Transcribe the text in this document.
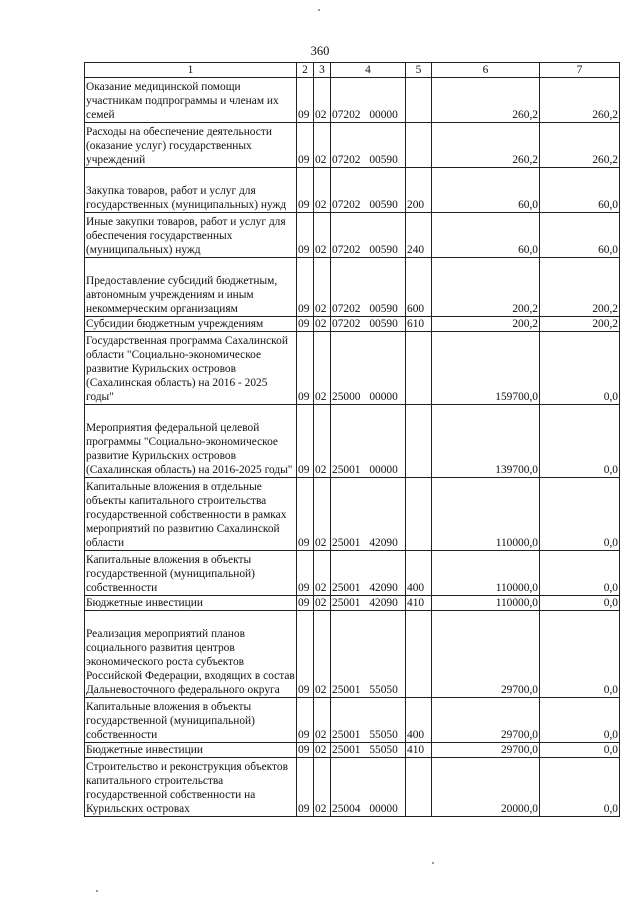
360
1	2	3	4	5	6	7
Оказание медицинской помощи участникам подпрограммы и членам их семей	09	02	07202 00000		260,2	260,2
Расходы на обеспечение деятельности (оказание услуг) государственных учреждений	09	02	07202 00590		260,2	260,2
Закупка товаров, работ и услуг для государственных (муниципальных) нужд	09	02	07202 00590	200	60,0	60,0
Иные закупки товаров, работ и услуг для обеспечения государственных (муниципальных) нужд	09	02	07202 00590	240	60,0	60,0
Предоставление субсидий бюджетным, автономным учреждениям и иным некоммерческим организациям	09	02	07202 00590	600	200,2	200,2
Субсидии бюджетным учреждениям	09	02	07202 00590	610	200,2	200,2
Государственная программа Сахалинской области "Социально-экономическое развитие Курильских островов (Сахалинская область) на 2016 - 2025 годы"	09	02	25000 00000		159700,0	0,0
Мероприятия федеральной целевой программы "Социально-экономическое развитие Курильских островов (Сахалинская область) на 2016-2025 годы"	09	02	25001 00000		139700,0	0,0
Капитальные вложения в отдельные объекты капитального строительства государственной собственности в рамках мероприятий по развитию Сахалинской области	09	02	25001 42090		110000,0	0,0
Капитальные вложения в объекты государственной (муниципальной) собственности	09	02	25001 42090	400	110000,0	0,0
Бюджетные инвестиции	09	02	25001 42090	410	110000,0	0,0
Реализация мероприятий планов социального развития центров экономического роста субъектов Российской Федерации, входящих в состав Дальневосточного федерального округа	09	02	25001 55050		29700,0	0,0
Капитальные вложения в объекты государственной (муниципальной) собственности	09	02	25001 55050	400	29700,0	0,0
Бюджетные инвестиции	09	02	25001 55050	410	29700,0	0,0
Строительство и реконструкция объектов капитального строительства государственной собственности на Курильских островах	09	02	25004 00000		20000,0	0,0
